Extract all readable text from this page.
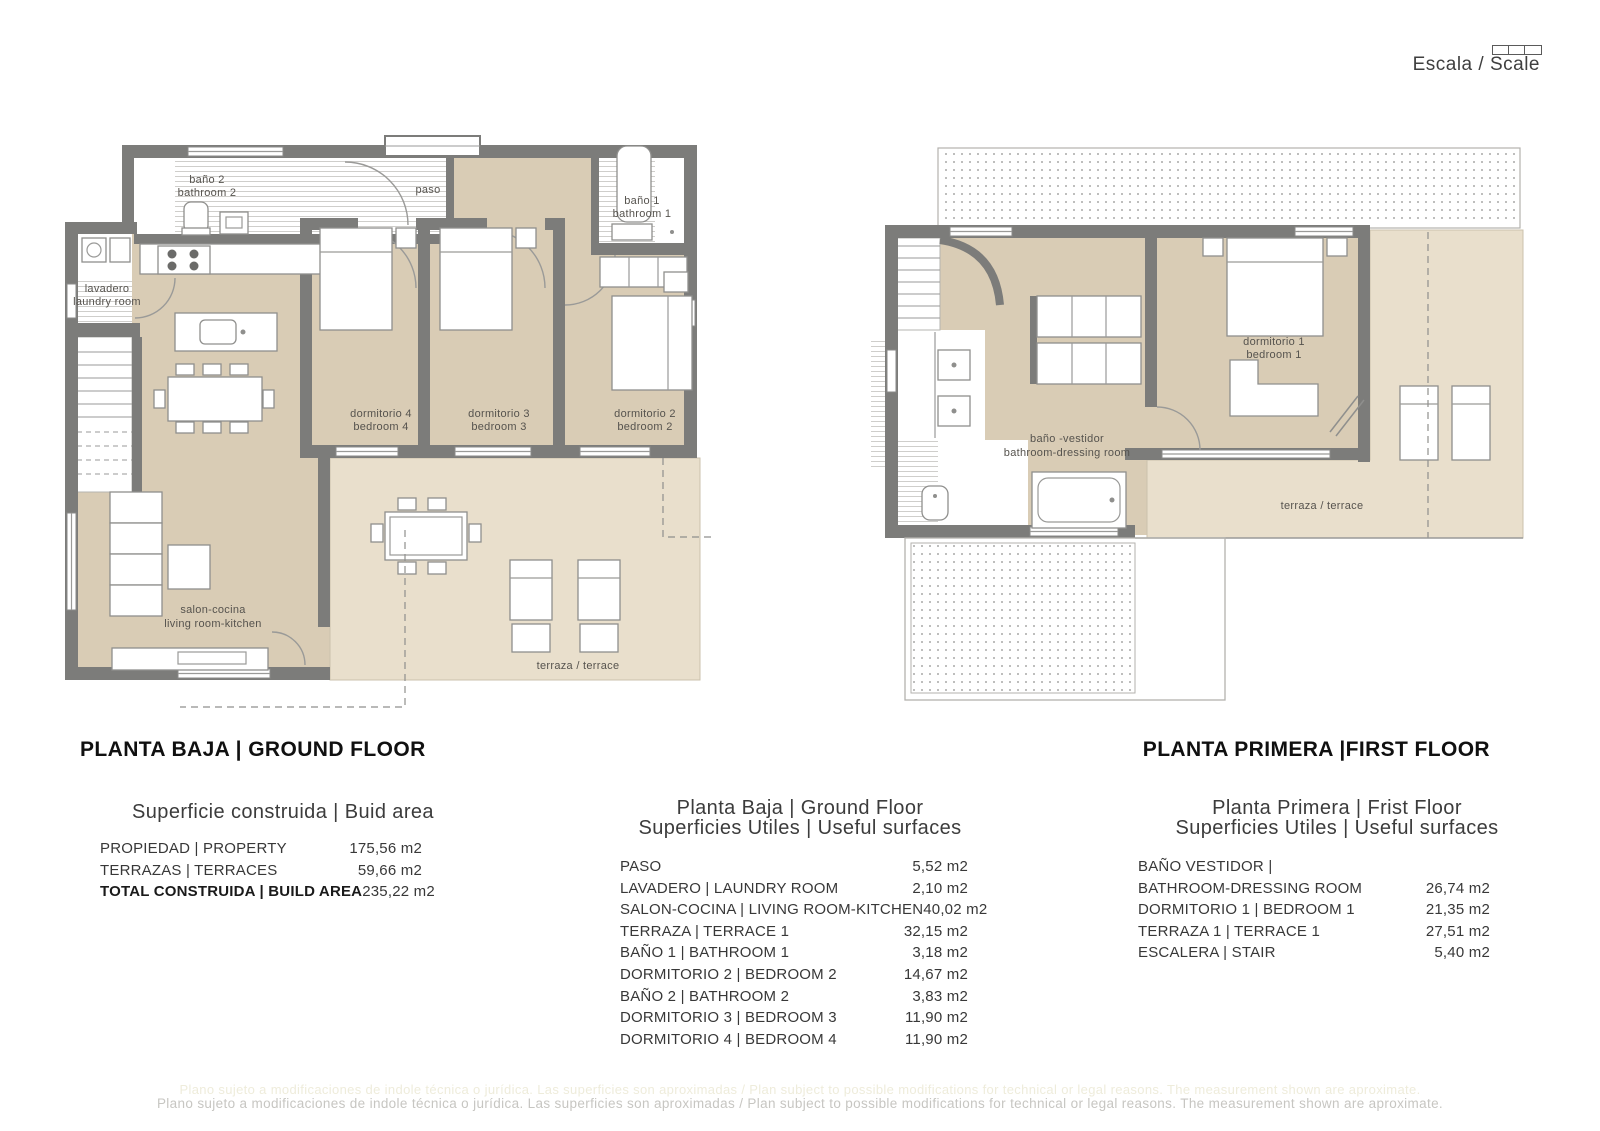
Escala / Scale
baño 2
bathroom 2	paso
baño 1
bathroom 1
lavadero
laundry room
dormitorio 4
bedroom 4
dormitorio 3
bedroom 3
dormitorio 2
bedroom 2
salon-cocina
living room-kitchen
terraza / terrace
dormitorio 1
bedroom 1
baño -vestidor
bathroom-dressing room
terraza / terrace
PLANTA BAJA | GROUND FLOOR	PLANTA PRIMERA |FIRST FLOOR
Superficie construida | Buid area
PROPIEDAD | PROPERTY	175,56 m2
TERRAZAS | TERRACES	59,66 m2
TOTAL CONSTRUIDA | BUILD AREA 235,22 m2
Planta Baja | Ground Floor
Superficies Utiles | Useful surfaces
PASO	5,52 m2
LAVADERO | LAUNDRY ROOM	2,10 m2
SALON-COCINA | LIVING ROOM-KITCHEN 40,02 m2
TERRAZA | TERRACE 1	32,15 m2
BAÑO 1 | BATHROOM 1	3,18 m2
DORMITORIO 2 | BEDROOM 2	14,67 m2
BAÑO 2 | BATHROOM 2	3,83 m2
DORMITORIO 3 | BEDROOM 3	11,90 m2
DORMITORIO 4 | BEDROOM 4	11,90 m2
Planta Primera | Frist Floor
Superficies Utiles | Useful surfaces
BAÑO VESTIDOR |
BATHROOM-DRESSING ROOM	26,74 m2
DORMITORIO 1 | BEDROOM 1	21,35 m2
TERRAZA 1 | TERRACE 1	27,51 m2
ESCALERA | STAIR	5,40 m2
Plano sujeto a modificaciones de indole técnica o jurídica. Las superficies son aproximadas / Plan subject to possible modifications for technical or legal reasons. The measurement shown are aproximate.
Plano sujeto a modificaciones de indole técnica o jurídica. Las superficies son aproximadas / Plan subject to possible modifications for technical or legal reasons. The measurement shown are aproximate.
